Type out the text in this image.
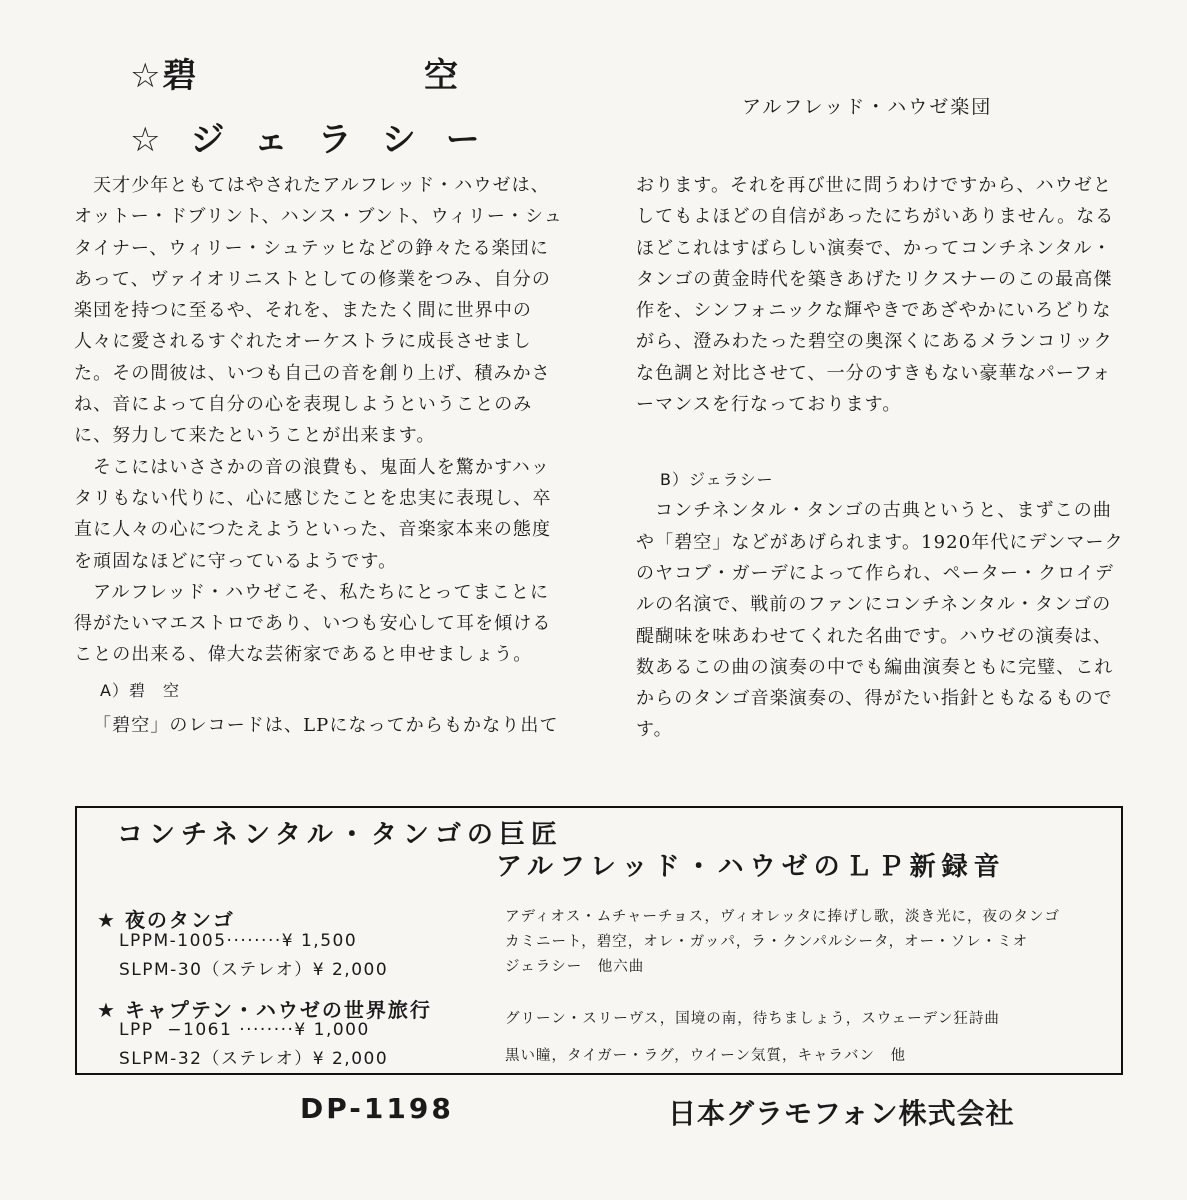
☆碧	空
☆ジェラシー
アルフレッド・ハウゼ楽団

天才少年ともてはやされたアルフレッド・ハウゼは、オットー・ドブリント、ハンス・ブント、ウィリー・シュタイナー、ウィリー・シュテッヒなどの錚々たる楽団にあって、ヴァイオリニストとしての修業をつみ、自分の楽団を持つに至るや、それを、またたく間に世界中の人々に愛されるすぐれたオーケストラに成長させました。その間彼は、いつも自己の音を創り上げ、積みかさね、音によって自分の心を表現しようということのみに、努力して来たということが出来ます。

そこにはいささかの音の浪費も、鬼面人を驚かすハッタリもない代りに、心に感じたことを忠実に表現し、卒直に人々の心につたえようといった、音楽家本来の態度を頑固なほどに守っているようです。

アルフレッド・ハウゼこそ、私たちにとってまことに得がたいマエストロであり、いつも安心して耳を傾けることの出来る、偉大な芸術家であると申せましょう。

A）碧　空

「碧空」のレコードは、LPになってからもかなり出て

おります。それを再び世に問うわけですから、ハウゼとしてもよほどの自信があったにちがいありません。なるほどこれはすばらしい演奏で、かってコンチネンタル・タンゴの黄金時代を築きあげたリクスナーのこの最高傑作を、シンフォニックな輝やきであざやかにいろどりながら、澄みわたった碧空の奥深くにあるメランコリックな色調と対比させて、一分のすきもない豪華なパーフォーマンスを行なっております。

B）ジェラシー

コンチネンタル・タンゴの古典というと、まずこの曲や「碧空」などがあげられます。1920年代にデンマークのヤコブ・ガーデによって作られ、ペーター・クロイデルの名演で、戦前のファンにコンチネンタル・タンゴの醍醐味を味あわせてくれた名曲です。ハウゼの演奏は、数あるこの曲の演奏の中でも編曲演奏ともに完璧、これからのタンゴ音楽演奏の、得がたい指針ともなるものです。

コンチネンタル・タンゴの巨匠
アルフレッド・ハウゼのＬＰ新録音
★ 夜のタンゴ
LPPM-1005········¥ 1,500
SLPM-30（ステレオ）¥ 2,000
アディオス・ムチャーチョス，ヴィオレッタに捧げし歌，淡き光に，夜のタンゴ
カミニート，碧空，オレ・ガッパ，ラ・クンパルシータ，オー・ソレ・ミオ
ジェラシー　他六曲
★ キャプテン・ハウゼの世界旅行
LPP  −1061 ········¥ 1,000
SLPM-32（ステレオ）¥ 2,000
グリーン・スリーヴス，国境の南，待ちましょう，スウェーデン狂詩曲
黒い瞳，タイガー・ラグ，ウイーン気質，キャラバン　他
DP-1198	日本グラモフォン株式会社
